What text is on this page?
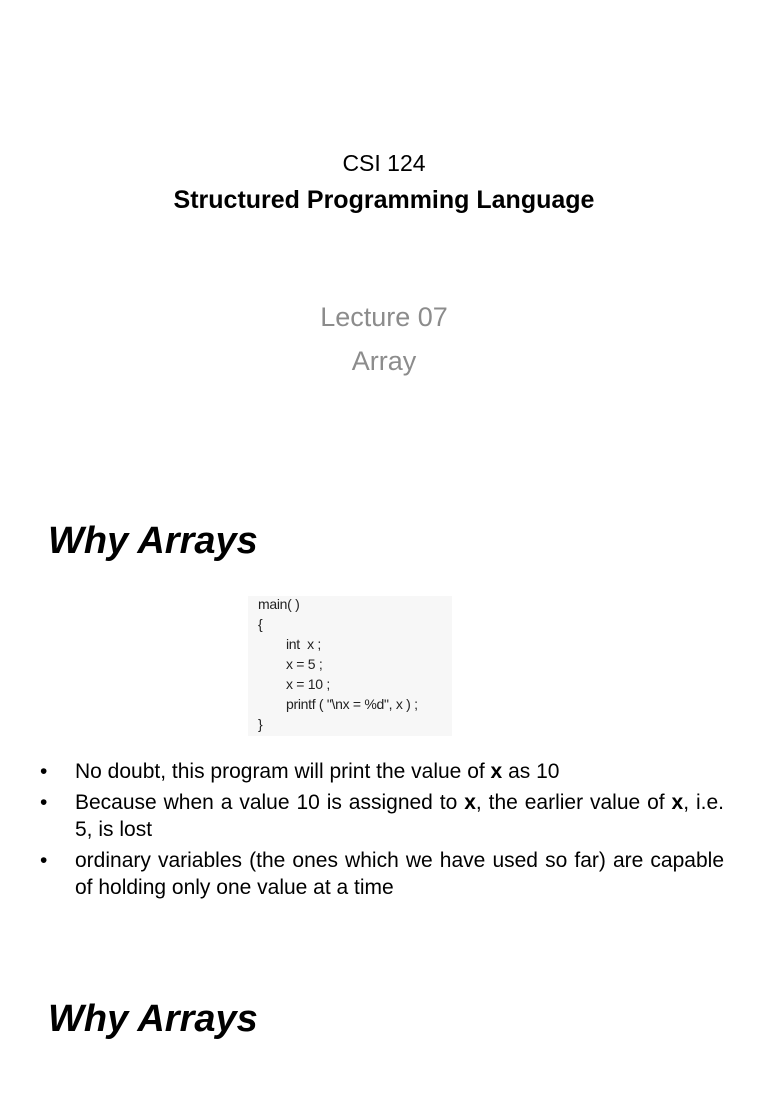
CSI 124
Structured Programming Language
Lecture 07
Array
Why Arrays
main( )
{
int  x ;
x = 5 ;
x = 10 ;
printf ( "\nx = %d", x ) ;
}
• No doubt, this program will print the value of x as 10
• Because when a value 10 is assigned to x, the earlier value of x, i.e. 5, is lost
• ordinary variables (the ones which we have used so far) are capable of holding only one value at a time
Why Arrays
